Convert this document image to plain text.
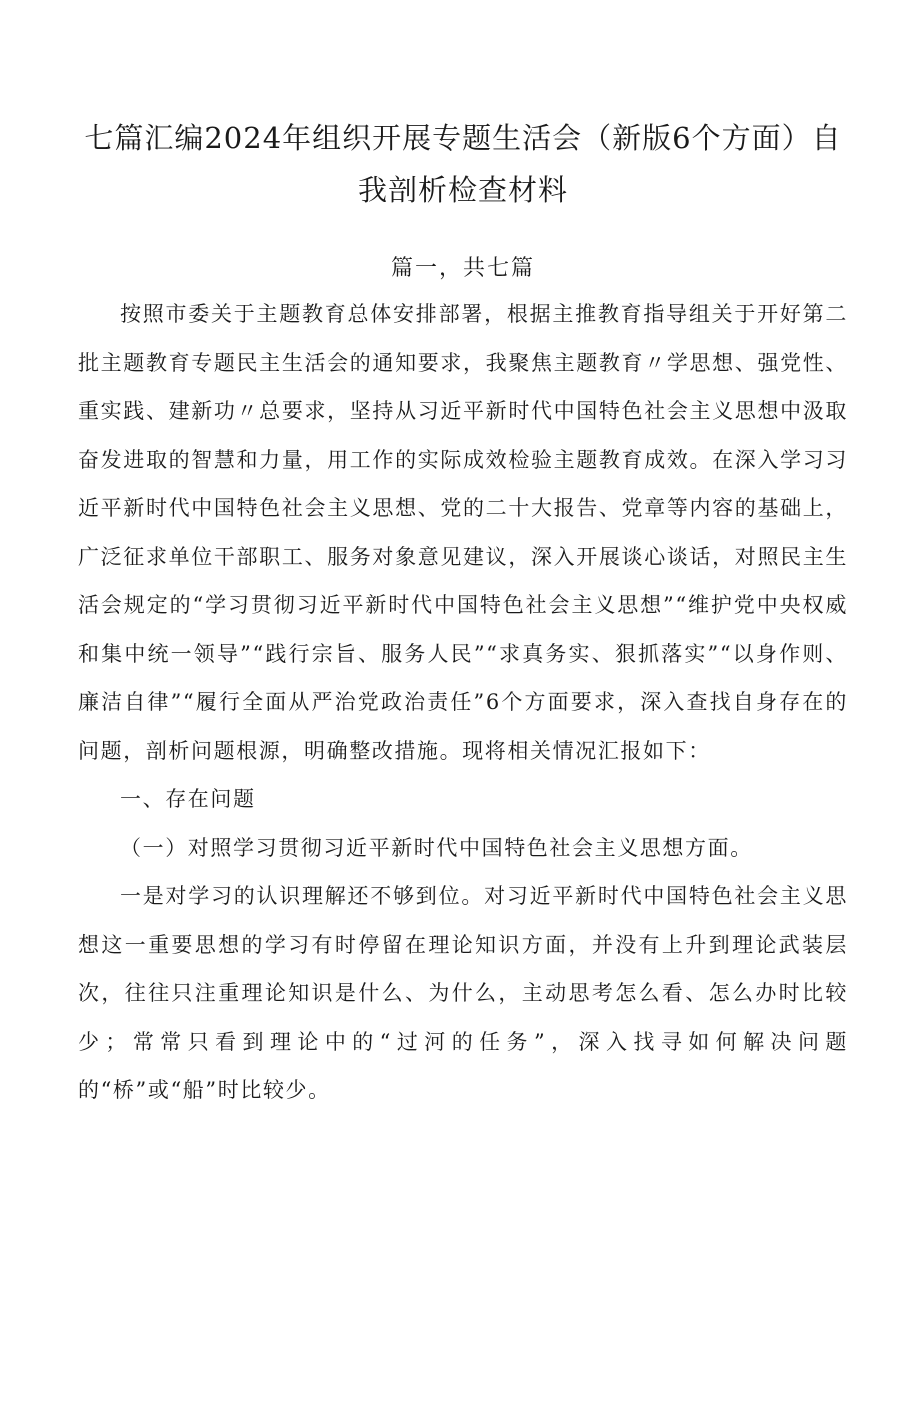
七篇汇编2024年组织开展专题生活会（新版6个方面）自
我剖析检查材料
篇一，共七篇

按照市委关于主题教育总体安排部署，根据主推教育指导组关于开好第二批主题教育专题民主生活会的通知要求，我聚焦主题教育〃学思想、强党性、重实践、建新功〃总要求，坚持从习近平新时代中国特色社会主义思想中汲取奋发进取的智慧和力量，用工作的实际成效检验主题教育成效。在深入学习习近平新时代中国特色社会主义思想、党的二十大报告、党章等内容的基础上，广泛征求单位干部职工、服务对象意见建议，深入开展谈心谈话，对照民主生活会规定的“学习贯彻习近平新时代中国特色社会主义思想”“维护党中央权威和集中统一领导”“践行宗旨、服务人民”“求真务实、狠抓落实”“以身作则、廉洁自律”“履行全面从严治党政治责任”6个方面要求，深入查找自身存在的问题，剖析问题根源，明确整改措施。现将相关情况汇报如下：

一、存在问题

（一）对照学习贯彻习近平新时代中国特色社会主义思想方面。

一是对学习的认识理解还不够到位。对习近平新时代中国特色社会主义思想这一重要思想的学习有时停留在理论知识方面，并没有上升到理论武装层次，往往只注重理论知识是什么、为什么，主动思考怎么看、怎么办时比较少；常常只看到理论中的“过河的任务”，深入找寻如何解决问题的“桥”或“船”时比较少。
